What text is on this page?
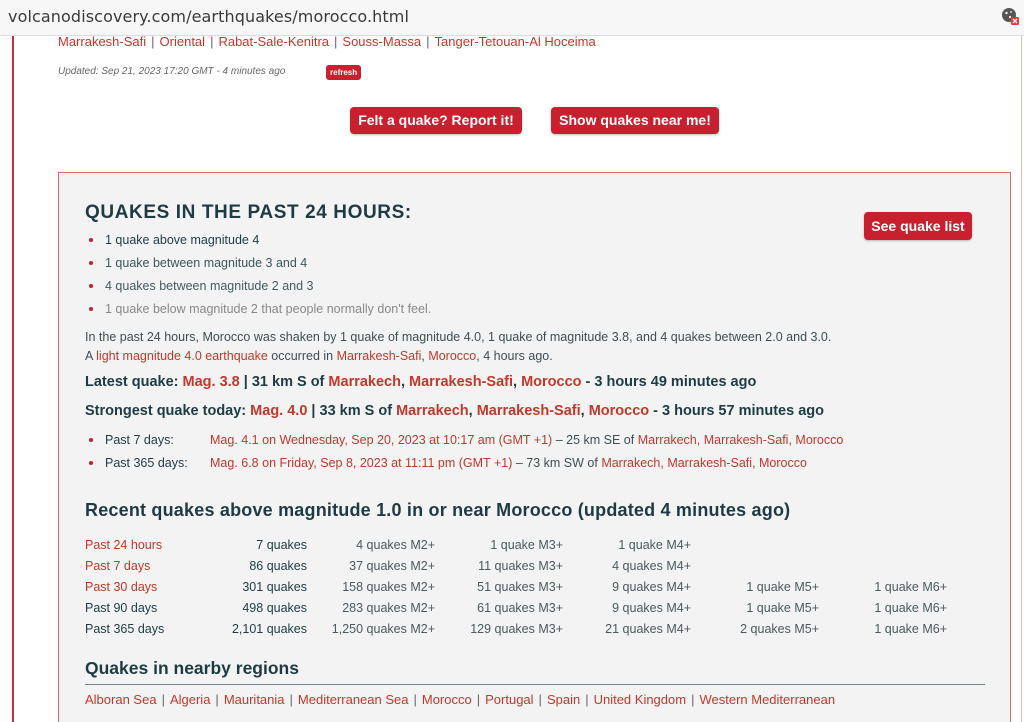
volcanodiscovery.com/earthquakes/morocco.html
Marrakesh-Safi | Oriental | Rabat-Sale-Kenitra | Souss-Massa | Tanger-Tetouan-Al Hoceima
Updated: Sep 21, 2023 17:20 GMT - 4 minutes ago	refresh
Felt a quake? Report it!	Show quakes near me!
QUAKES IN THE PAST 24 HOURS:
See quake list
1 quake above magnitude 4
1 quake between magnitude 3 and 4
4 quakes between magnitude 2 and 3
1 quake below magnitude 2 that people normally don't feel.
In the past 24 hours, Morocco was shaken by 1 quake of magnitude 4.0, 1 quake of magnitude 3.8, and 4 quakes between 2.0 and 3.0.
A light magnitude 4.0 earthquake occurred in Marrakesh-Safi, Morocco, 4 hours ago.
Latest quake: Mag. 3.8 | 31 km S of Marrakech, Marrakesh-Safi, Morocco - 3 hours 49 minutes ago
Strongest quake today: Mag. 4.0 | 33 km S of Marrakech, Marrakesh-Safi, Morocco - 3 hours 57 minutes ago
Past 7 days:	Mag. 4.1 on Wednesday, Sep 20, 2023 at 10:17 am (GMT +1) – 25 km SE of Marrakech, Marrakesh-Safi, Morocco
Past 365 days: Mag. 6.8 on Friday, Sep 8, 2023 at 11:11 pm (GMT +1) – 73 km SW of Marrakech, Marrakesh-Safi, Morocco
Recent quakes above magnitude 1.0 in or near Morocco (updated 4 minutes ago)
Past 24 hours	7 quakes	4 quakes M2+	1 quake M3+	1 quake M4+		
Past 7 days	86 quakes	37 quakes M2+	11 quakes M3+	4 quakes M4+		
Past 30 days	301 quakes	158 quakes M2+	51 quakes M3+	9 quakes M4+	1 quake M5+	1 quake M6+
Past 90 days	498 quakes	283 quakes M2+	61 quakes M3+	9 quakes M4+	1 quake M5+	1 quake M6+
Past 365 days	2,101 quakes	1,250 quakes M2+	129 quakes M3+	21 quakes M4+	2 quakes M5+	1 quake M6+
Quakes in nearby regions
Alboran Sea | Algeria | Mauritania | Mediterranean Sea | Morocco | Portugal | Spain | United Kingdom | Western Mediterranean
